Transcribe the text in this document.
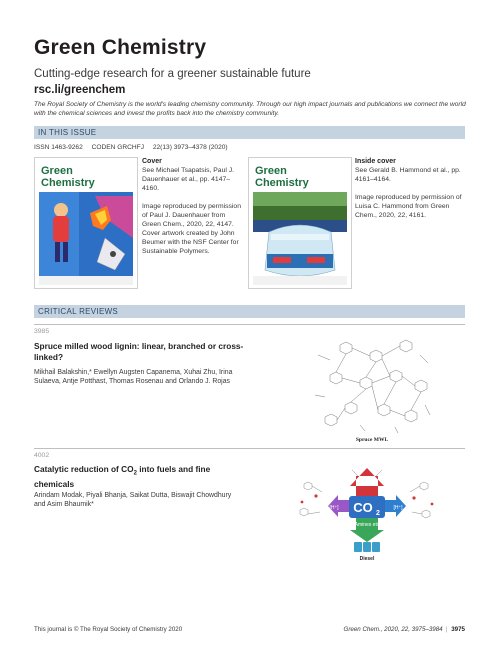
Green Chemistry
Cutting-edge research for a greener sustainable future
rsc.li/greenchem
The Royal Society of Chemistry is the world's leading chemistry community. Through our high impact journals and publications we connect the world with the chemical sciences and invest the profits back into the chemistry community.
IN THIS ISSUE
ISSN 1463-9262 CODEN GRCHFJ 22(13) 3973–4378 (2020)
Green
Chemistry
Cover
See Michael Tsapatsis, Paul J. Dauenhauer et al., pp. 4147–4160.
Image reproduced by permission of Paul J. Dauenhauer from Green Chem., 2020, 22, 4147. Cover artwork created by John Beumer with the NSF Center for Sustainable Polymers.
Green
Chemistry
Inside cover
See Gerald B. Hammond et al., pp. 4161–4164.
Image reproduced by permission of Luisa C. Hammond from Green Chem., 2020, 22, 4161.
CRITICAL REVIEWS
3985
Spruce milled wood lignin: linear, branched or cross-linked?
Mikhail Balakshin,* Ewellyn Augsten Capanema, Xuhai Zhu, Irina Sulaeva, Antje Potthast, Thomas Rosenau and Orlando J. Rojas
Spruce MWL
4002
Catalytic reduction of $CO_2$ into fuels and fine chemicals
Arindam Modak, Piyali Bhanja, Saikat Dutta, Biswajit Chowdhury and Asim Bhaumik*	CO 2
[H⁺]	[H⁺]
Amines etc
Diesel
This journal is © The Royal Society of Chemistry 2020	Green Chem., 2020, 22, 3975–3984 | 3975
